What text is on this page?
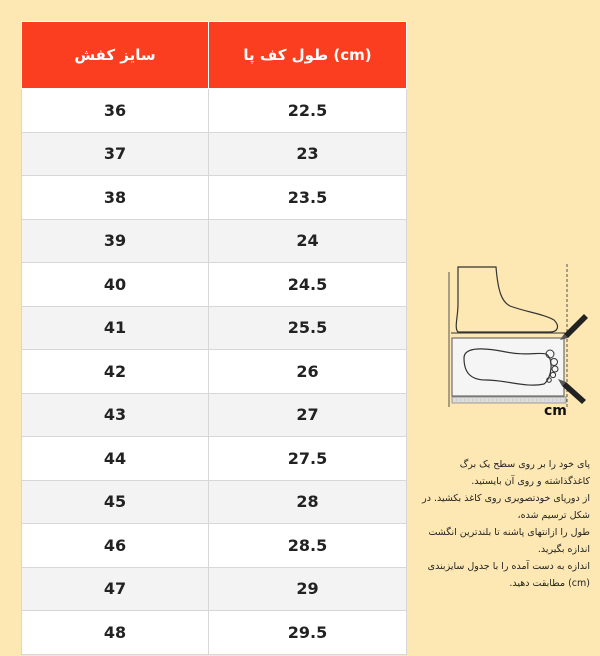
سایز کفش	طول کف پا (cm)
36	22.5
37	23
38	23.5
39	24
40	24.5
41	25.5
42	26
43	27
44	27.5
45	28
46	28.5
47	29
48	29.5
cm

پای خود را بر روی سطح یک برگ کاغذگذاشته و روی آن بایستید.

از دورپای خودتصویری روی کاغذ بکشید. در شکل ترسیم شده،

طول را ازانتهای پاشنه تا بلندترین انگشت اندازه بگیرید.

اندازه به دست آمده را با جدول سایزبندی (cm) مطابقت دهید.
